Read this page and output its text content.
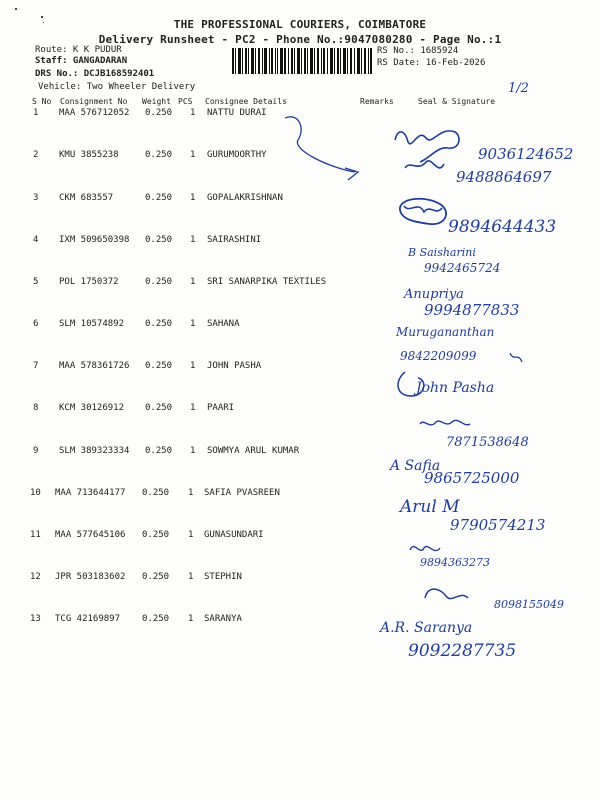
THE PROFESSIONAL COURIERS, COIMBATORE
Delivery Runsheet - PC2 - Phone No.:9047080280 - Page No.:1
Route: K K PUDUR
Staff: GANGADARAN
DRS No.: DCJB168592401
Vehicle: Two Wheeler Delivery
RS No.: 1685924
RS Date: 16-Feb-2026
S No Consignment No Weight PCS Consignee Details	Remarks	Seal & Signature
1 MAA 576712052 0.250 1 NATTU DURAI
2 KMU 3855238	0.250 1 GURUMOORTHY
3 CKM 683557	0.250 1 GOPALAKRISHNAN
4 IXM 509650398 0.250 1 SAIRASHINI
5 POL 1750372	0.250 1 SRI SANARPIKA TEXTILES
6 SLM 10574892 0.250 1 SAHANA
7 MAA 578361726 0.250 1 JOHN PASHA
8 KCM 30126912 0.250 1 PAARI
9 SLM 389323334 0.250 1 SOWMYA ARUL KUMAR
10 MAA 713644177 0.250 1 SAFIA PVASREEN
11 MAA 577645106 0.250 1 GUNASUNDARI
12 JPR 503183602 0.250 1 STEPHIN
13 TCG 42169897 0.250 1 SARANYA
1/2
9036124652
9488864697
9894644433
B Saisharini
9942465724
Anupriya
9994877833
Murugananthan
9842209099
John Pasha
7871538648
A Safia
9865725000
Arul M
9790574213
9894363273
8098155049
A.R. Saranya
9092287735
